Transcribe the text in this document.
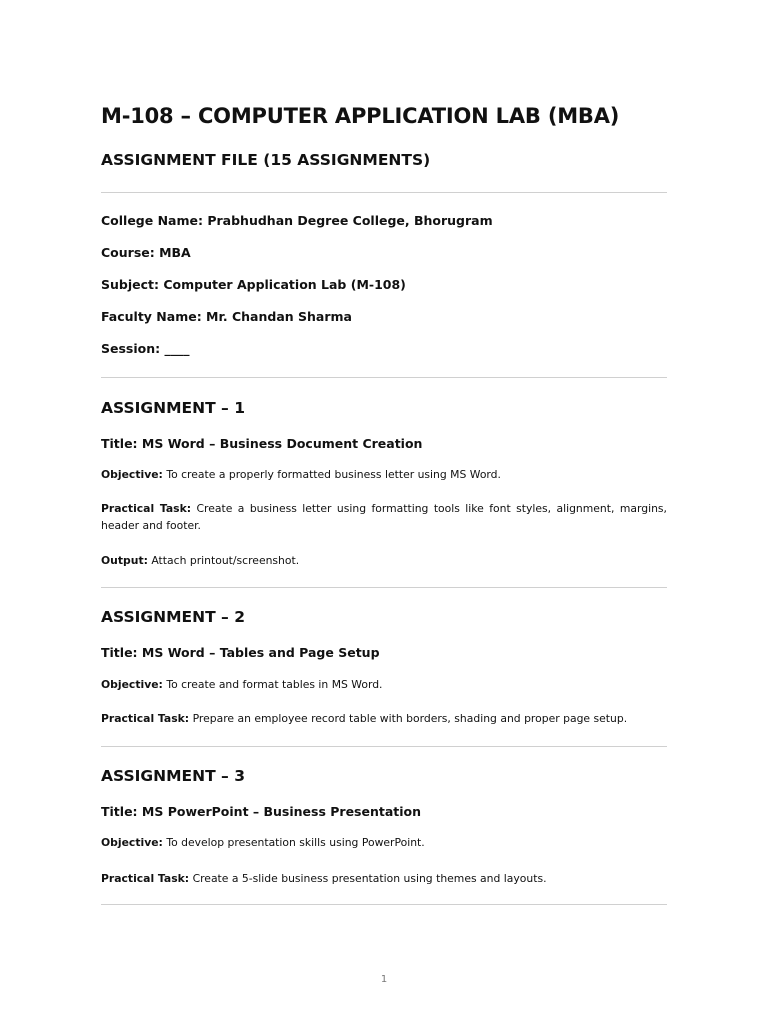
M-108 – COMPUTER APPLICATION LAB (MBA)
ASSIGNMENT FILE (15 ASSIGNMENTS)

College Name: Prabhudhan Degree College, Bhorugram

Course: MBA

Subject: Computer Application Lab (M-108)

Faculty Name: Mr. Chandan Sharma

Session: ____

ASSIGNMENT – 1

Title: MS Word – Business Document Creation

Objective: To create a properly formatted business letter using MS Word.

Practical Task: Create a business letter using formatting tools like font styles, alignment, margins, header and footer.

Output: Attach printout/screenshot.

ASSIGNMENT – 2

Title: MS Word – Tables and Page Setup

Objective: To create and format tables in MS Word.

Practical Task: Prepare an employee record table with borders, shading and proper page setup.

ASSIGNMENT – 3

Title: MS PowerPoint – Business Presentation

Objective: To develop presentation skills using PowerPoint.

Practical Task: Create a 5-slide business presentation using themes and layouts.

1
